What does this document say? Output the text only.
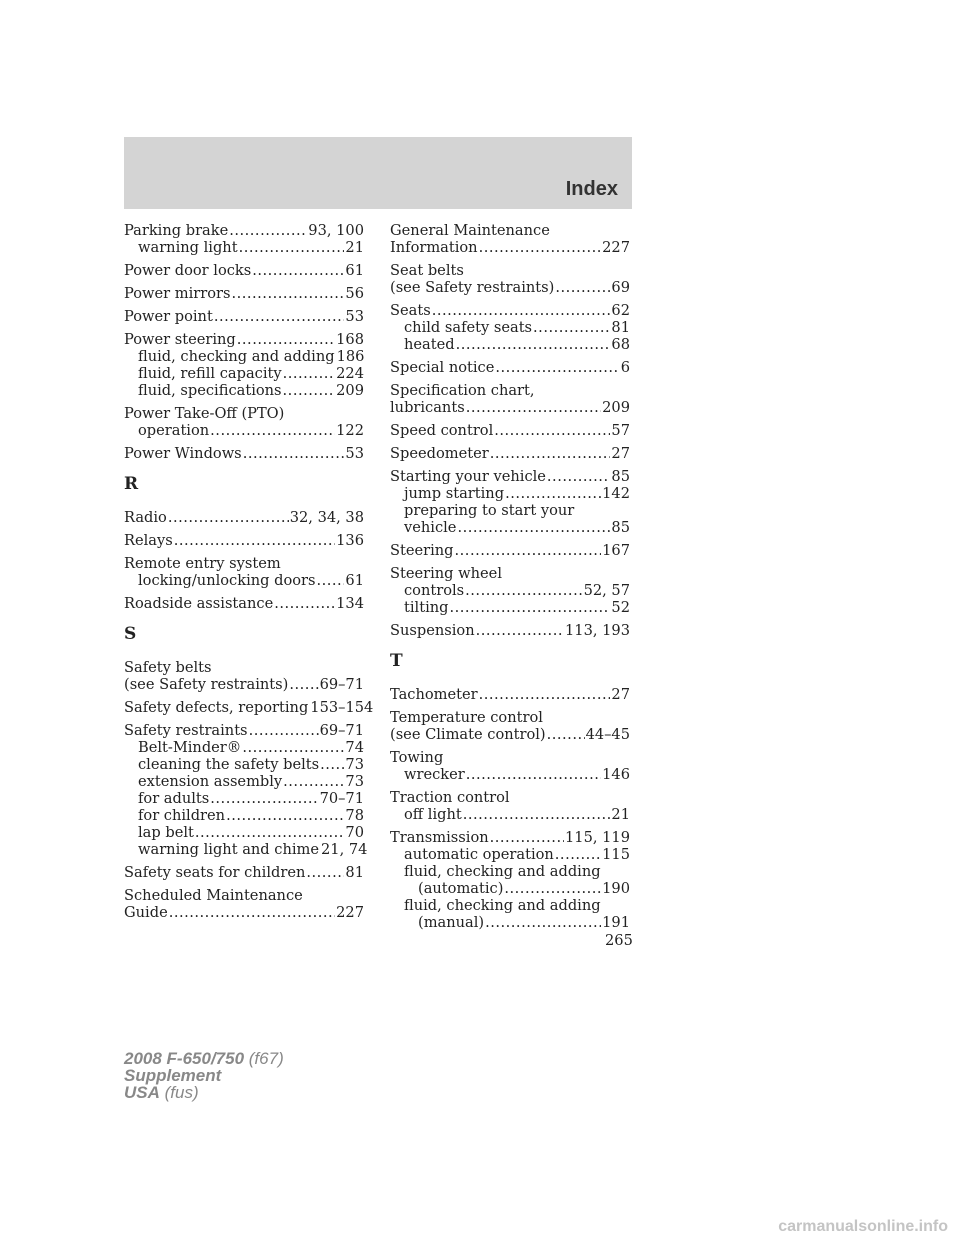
Index
Parking brake .....	93, 100
warning light .....	21
Power door locks .....	61
Power mirrors .....	56
Power point .....	53
Power steering .....	168
fluid, checking and adding 186
fluid, refill capacity .....	224
fluid, specifications .....	209
Power Take-Off (PTO)
operation .....	122
Power Windows .....	53
R
Radio .....	32, 34, 38
Relays .....	136
Remote entry system
locking/unlocking doors ..... 61
Roadside assistance .....	134
S
Safety belts
(see Safety restraints) ..... 69–71
Safety defects, reporting 153–154
Safety restraints .....	69–71
Belt-Minder® .....	74
cleaning the safety belts ..... 73
extension assembly .....	73
for adults .....	70–71
for children .....	78
lap belt .....	70
warning light and chime 21, 74
Safety seats for children .....	81
Scheduled Maintenance
Guide .....	227
General Maintenance
Information .....	227
Seat belts
(see Safety restraints) .....	69
Seats .....	62
child safety seats .....	81
heated .....	68
Special notice .....	6
Specification chart,
lubricants .....	209
Speed control .....	57
Speedometer .....	27
Starting your vehicle .....	85
jump starting .....	142
preparing to start your
vehicle .....	85
Steering .....	167
Steering wheel
controls .....	52, 57
tilting .....	52
Suspension .....	113, 193
T
Tachometer .....	27
Temperature control
(see Climate control) .....	44–45
Towing
wrecker .....	146
Traction control
off light .....	21
Transmission .....	115, 119
automatic operation .....	115
fluid, checking and adding
(automatic) .....	190
fluid, checking and adding
(manual) .....	191

265

2008 F-650/750 (f67)
Supplement
USA (fus)
carmanualsonline.info
